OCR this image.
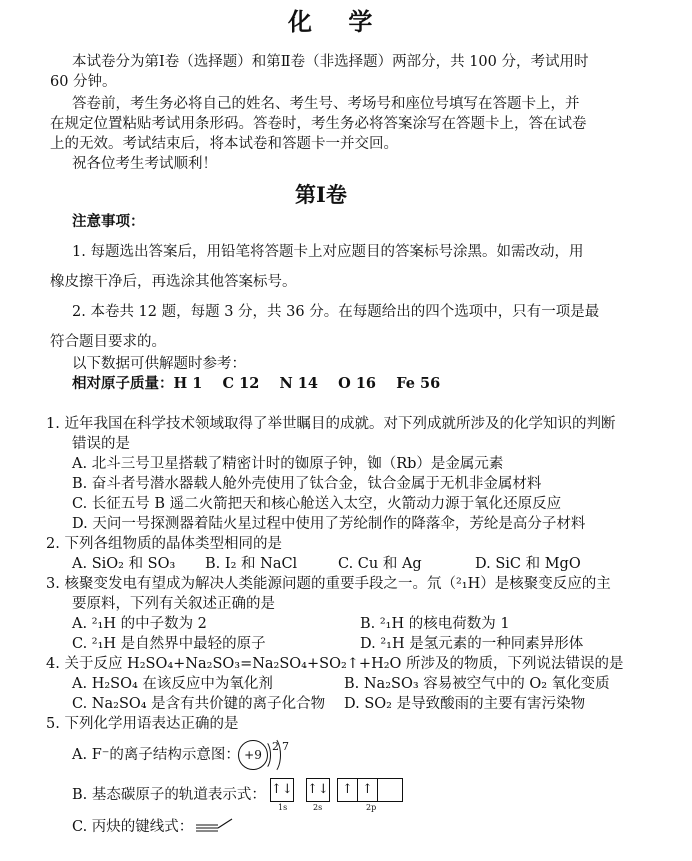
化 学
本试卷分为第Ⅰ卷（选择题）和第Ⅱ卷（非选择题）两部分，共 100 分，考试用时
60 分钟。
答卷前，考生务必将自己的姓名、考生号、考场号和座位号填写在答题卡上，并
在规定位置粘贴考试用条形码。答卷时，考生务必将答案涂写在答题卡上，答在试卷
上的无效。考试结束后，将本试卷和答题卡一并交回。
祝各位考生考试顺利！
第Ⅰ卷
注意事项：
1. 每题选出答案后，用铅笔将答题卡上对应题目的答案标号涂黑。如需改动，用
橡皮擦干净后，再选涂其他答案标号。
2. 本卷共 12 题，每题 3 分，共 36 分。在每题给出的四个选项中，只有一项是最
符合题目要求的。
以下数据可供解题时参考：
相对原子质量：H 1    C 12    N 14    O 16    Fe 56
1. 近年我国在科学技术领域取得了举世瞩目的成就。对下列成就所涉及的化学知识的判断
错误的是
A. 北斗三号卫星搭载了精密计时的铷原子钟，铷（Rb）是金属元素
B. 奋斗者号潜水器载人舱外壳使用了钛合金，钛合金属于无机非金属材料
C. 长征五号 B 遥二火箭把天和核心舱送入太空，火箭动力源于氧化还原反应
D. 天问一号探测器着陆火星过程中使用了芳纶制作的降落伞，芳纶是高分子材料
2. 下列各组物质的晶体类型相同的是
A. SiO₂ 和 SO₃ B. I₂ 和 NaCl	C. Cu 和 Ag	D. SiC 和 MgO
3. 核聚变发电有望成为解决人类能源问题的重要手段之一。氘（²₁H）是核聚变反应的主
要原料，下列有关叙述正确的是
A. ²₁H 的中子数为 2	B. ²₁H 的核电荷数为 1
C. ²₁H 是自然界中最轻的原子	D. ²₁H 是氢元素的一种同素异形体
4. 关于反应 H₂SO₄+Na₂SO₃=Na₂SO₄+SO₂↑+H₂O 所涉及的物质，下列说法错误的是
A. H₂SO₄ 在该反应中为氧化剂	B. Na₂SO₃ 容易被空气中的 O₂ 氧化变质
C. Na₂SO₄ 是含有共价键的离子化合物 D. SO₂ 是导致酸雨的主要有害污染物
5. 下列化学用语表达正确的是
A. F⁻的离子结构示意图： +9
2 7
B. 基态碳原子的轨道表示式： ↑↓ ↑↓	↑ ↑
1s	2s	2p
C. 丙炔的键线式：
